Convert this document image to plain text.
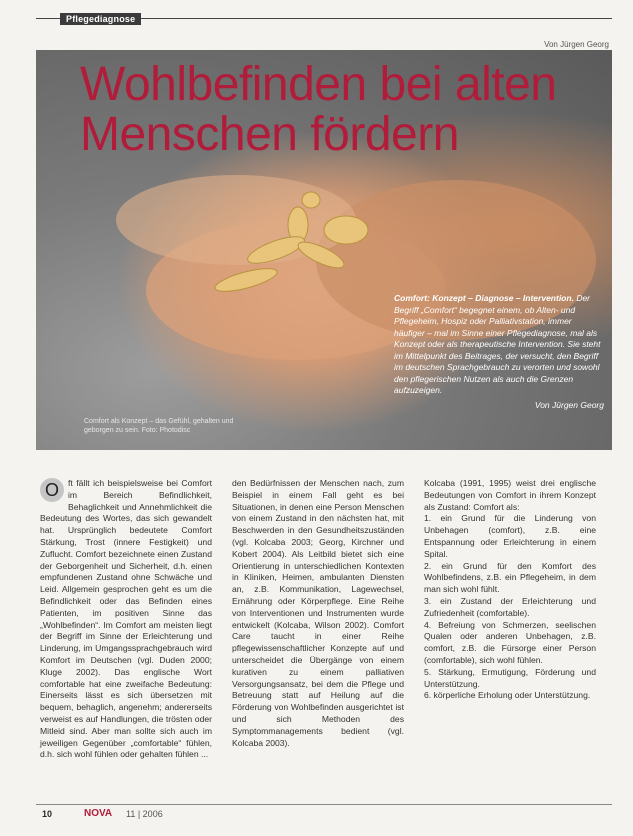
Pflegediagnose
Von Jürgen Georg
Wohlbefinden bei alten
Menschen fördern
Comfort: Konzept – Diagnose – Intervention. Der Begriff „Comfort“ begegnet einem, ob Alten- und Pflegeheim, Hospiz oder Palliativstation, immer häufiger – mal im Sinne einer Pflegediagnose, mal als Konzept oder als therapeutische Intervention. Sie steht im Mittelpunkt des Beitrages, der versucht, den Begriff im deutschen Sprachgebrauch zu verorten und sowohl den pflegerischen Nutzen als auch die Grenzen aufzuzeigen.
Von Jürgen Georg
Comfort als Konzept – das Gefühl, gehalten und geborgen zu sein. Foto: Photodisc
O	ft fällt ich beispielsweise bei Comfort im Bereich Befindlichkeit, Behaglichkeit und Annehmlichkeit die Bedeutung des Wortes, das sich gewandelt hat. Ursprünglich bedeutete Comfort Stärkung, Trost (innere Festigkeit) und Zuflucht. Comfort bezeichnete einen Zustand der Geborgenheit und Sicherheit, d.h. einen empfundenen Zustand ohne Schwäche und Leid. Allgemein gesprochen geht es um die Befindlichkeit oder das Befinden eines Patienten, im positiven Sinne das „Wohlbefinden“. Im Comfort am meisten liegt der Begriff im Sinne der Erleichterung und Linderung, im Umgangssprachgebrauch wird Komfort im Deutschen (vgl. Duden 2000; Kluge 2002). Das englische Wort comfortable hat eine zweifache Bedeutung: Einerseits lässt es sich übersetzen mit bequem, behaglich, angenehm; andererseits verweist es auf Handlungen, die trösten oder Mitleid sind. Aber man sollte sich auch im jeweiligen Gegenüber „comfortable“ fühlen, d.h. sich wohl fühlen oder gehalten fühlen ...

den Bedürfnissen der Menschen nach, zum Beispiel in einem Fall geht es bei Situationen, in denen eine Person Menschen von einem Zustand in den nächsten hat, mit Beschwerden in den Gesundheitszuständen (vgl. Kolcaba 2003; Georg, Kirchner und Kobert 2004). Als Leitbild bietet sich eine Orientierung in unterschiedlichen Kontexten in Kliniken, Heimen, ambulanten Diensten an, z.B. Kommunikation, Lagewechsel, Ernährung oder Körperpflege. Eine Reihe von Interventionen und Instrumenten wurde entwickelt (Kolcaba, Wilson 2002). Comfort Care taucht in einer Reihe pflegewissenschaftlicher Konzepte auf und unterscheidet die Übergänge von einem kurativen zu einem palliativen Versorgungsansatz, bei dem die Pflege und Betreuung statt auf Heilung auf die Förderung von Wohlbefinden ausgerichtet ist und sich Methoden des Symptommanagements bedient (vgl. Kolcaba 2003).

Kolcaba (1991, 1995) weist drei englische Bedeutungen von Comfort in ihrem Konzept als Zustand: Comfort als:
1. ein Grund für die Linderung von Unbehagen (comfort), z.B. eine Entspannung oder Erleichterung in einem Spital.
2. ein Grund für den Komfort des Wohlbefindens, z.B. ein Pflegeheim, in dem man sich wohl fühlt.
3. ein Zustand der Erleichterung und Zufriedenheit (comfortable).
4. Befreiung von Schmerzen, seelischen Qualen oder anderen Unbehagen, z.B. comfort, z.B. die Fürsorge einer Person (comfortable), sich wohl fühlen.
5. Stärkung, Ermutigung, Förderung und Unterstützung.
6. körperliche Erholung oder Unterstützung.

10	NOVA 11 | 2006
